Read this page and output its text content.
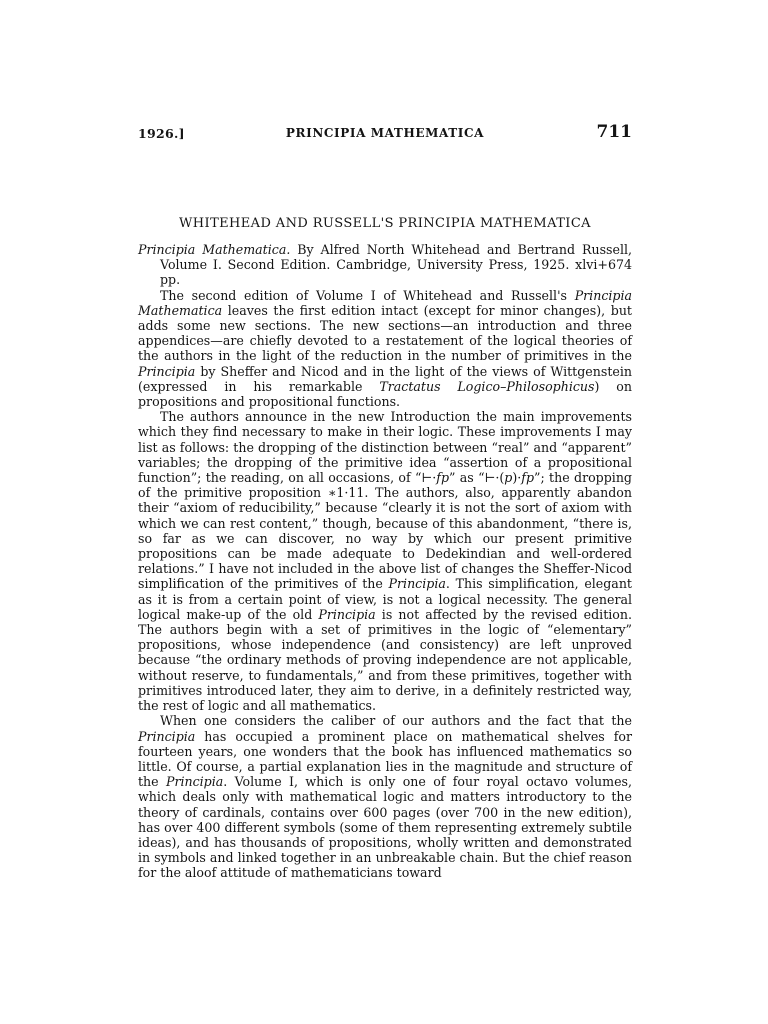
1926.]	PRINCIPIA MATHEMATICA	711
WHITEHEAD AND RUSSELL'S PRINCIPIA MATHEMATICA
Principia Mathematica. By Alfred North Whitehead and Bertrand Russell, Volume I. Second Edition. Cambridge, University Press, 1925. xlvi+674 pp.

The second edition of Volume I of Whitehead and Russell's Principia Mathematica leaves the first edition intact (except for minor changes), but adds some new sections. The new sections—an introduction and three appendices—are chiefly devoted to a restatement of the logical theories of the authors in the light of the reduction in the number of primitives in the Principia by Sheffer and Nicod and in the light of the views of Wittgenstein (expressed in his remarkable Tractatus Logico–Philosophicus) on propositions and propositional functions.

The authors announce in the new Introduction the main improvements which they find necessary to make in their logic. These improvements I may list as follows: the dropping of the distinction between “real” and “apparent” variables; the dropping of the primitive idea “assertion of a propositional function”; the reading, on all occasions, of “⊢·fp” as “⊢·(p)·fp”; the dropping of the primitive proposition ∗1·11. The authors, also, apparently abandon their “axiom of reducibility,” because “clearly it is not the sort of axiom with which we can rest content,” though, because of this abandonment, “there is, so far as we can discover, no way by which our present primitive propositions can be made adequate to Dedekindian and well-ordered relations.” I have not included in the above list of changes the Sheffer-Nicod simplification of the primitives of the Principia. This simplification, elegant as it is from a certain point of view, is not a logical necessity. The general logical make-up of the old Principia is not affected by the revised edition. The authors begin with a set of primitives in the logic of “elementary” propositions, whose independence (and consistency) are left unproved because “the ordinary methods of proving independence are not applicable, without reserve, to fundamentals,” and from these primitives, together with primitives introduced later, they aim to derive, in a definitely restricted way, the rest of logic and all mathematics.

When one considers the caliber of our authors and the fact that the Principia has occupied a prominent place on mathematical shelves for fourteen years, one wonders that the book has influenced mathematics so little. Of course, a partial explanation lies in the magnitude and structure of the Principia. Volume I, which is only one of four royal octavo volumes, which deals only with mathematical logic and matters introductory to the theory of cardinals, contains over 600 pages (over 700 in the new edition), has over 400 different symbols (some of them representing extremely subtile ideas), and has thousands of propositions, wholly written and demonstrated in symbols and linked together in an unbreakable chain. But the chief reason for the aloof attitude of mathematicians toward
